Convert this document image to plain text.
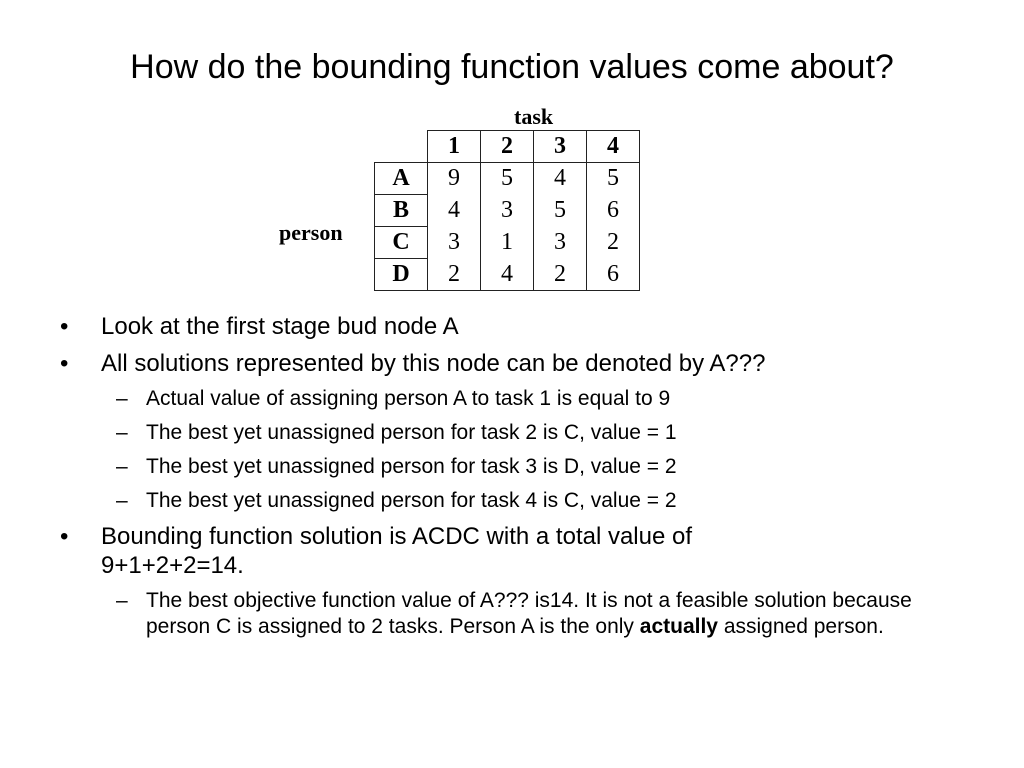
How do the bounding function values come about?
task
person
	1	2	3	4
A	9	5	4	5
B	4	3	5	6
C	3	1	3	2
D	2	4	2	6
• Look at the first stage bud node A
• All solutions represented by this node can be denoted by A???
– Actual value of assigning person A to task 1 is equal to 9
– The best yet unassigned person for task 2 is C, value = 1
– The best yet unassigned person for task 3 is D, value = 2
– The best yet unassigned person for task 4 is C, value = 2
• Bounding function solution is ACDC with a total value of 9+1+2+2=14.
– The best objective function value of A??? is14. It is not a feasible solution because person C is assigned to 2 tasks. Person A is the only actually assigned person.
